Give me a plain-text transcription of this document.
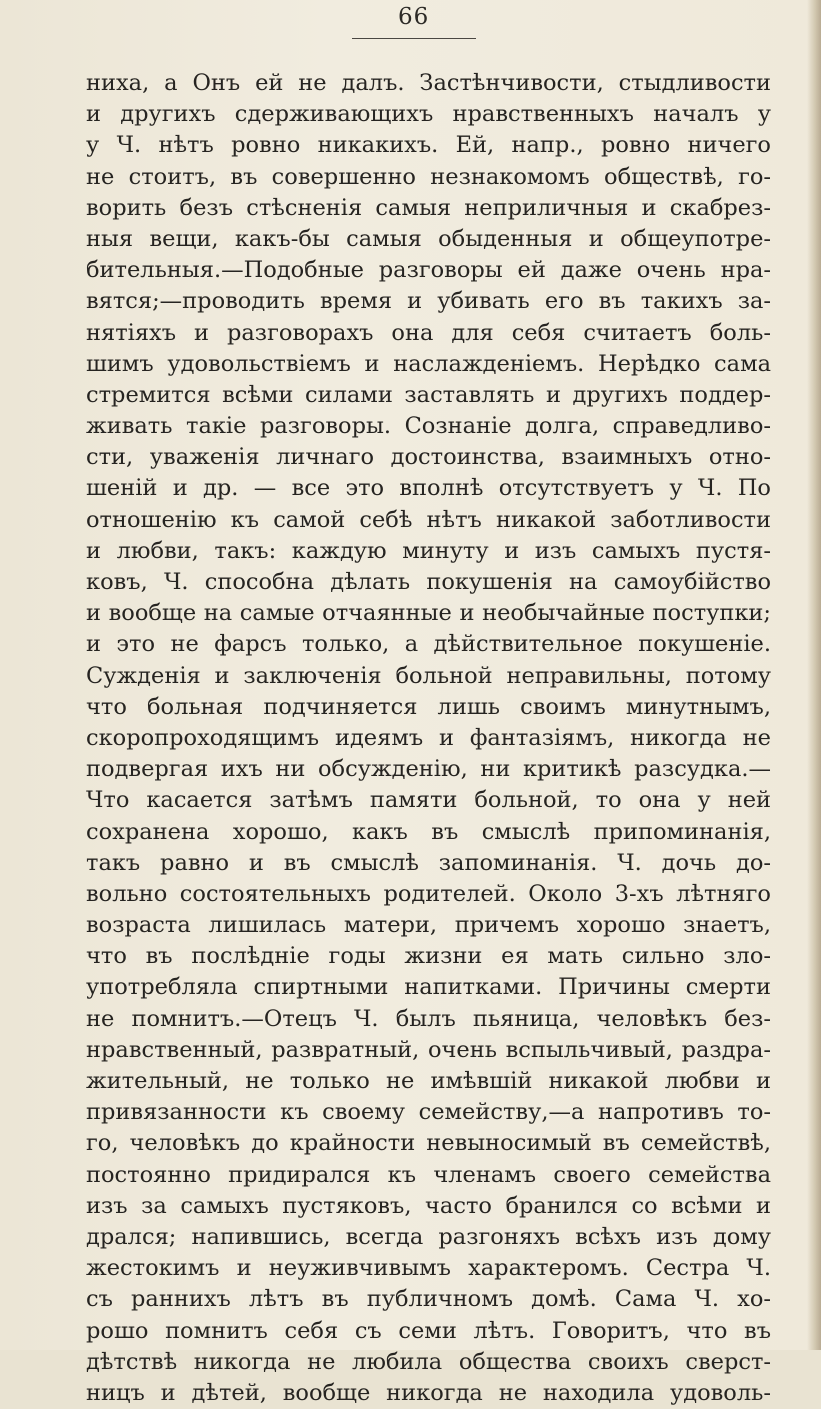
66
ниха, а Онъ ей не далъ. Застѣнчивости, стыдливости
и другихъ сдерживающихъ нравственныхъ началъ у
у Ч. нѣтъ ровно никакихъ. Ей, напр., ровно ничего
не стоитъ, въ совершенно незнакомомъ обществѣ, го-
ворить безъ стѣсненія самыя неприличныя и скабрез-
ныя вещи, какъ-бы самыя обыденныя и общеупотре-
бительныя.—Подобные разговоры ей даже очень нра-
вятся;—проводить время и убивать его въ такихъ за-
нятіяхъ и разговорахъ она для себя считаетъ боль-
шимъ удовольствіемъ и наслажденіемъ. Нерѣдко сама
стремится всѣми силами заставлять и другихъ поддер-
живать такіе разговоры. Сознаніе долга, справедливо-
сти, уваженія личнаго достоинства, взаимныхъ отно-
шеній и др. — все это вполнѣ отсутствуетъ у Ч. По
отношенію къ самой себѣ нѣтъ никакой заботливости
и любви, такъ: каждую минуту и изъ самыхъ пустя-
ковъ, Ч. способна дѣлать покушенія на самоубійство
и вообще на самые отчаянные и необычайные поступки;
и это не фарсъ только, а дѣйствительное покушеніе.
Сужденія и заключенія больной неправильны, потому
что больная подчиняется лишь своимъ минутнымъ,
скоропроходящимъ идеямъ и фантазіямъ, никогда не
подвергая ихъ ни обсужденію, ни критикѣ разсудка.—
Что касается затѣмъ памяти больной, то она у ней
сохранена хорошо, какъ въ смыслѣ припоминанія,
такъ равно и въ смыслѣ запоминанія. Ч. дочь до-
вольно состоятельныхъ родителей. Около 3-хъ лѣтняго
возраста лишилась матери, причемъ хорошо знаетъ,
что въ послѣдніе годы жизни ея мать сильно зло-
употребляла спиртными напитками. Причины смерти
не помнитъ.—Отецъ Ч. былъ пьяница, человѣкъ без-
нравственный, развратный, очень вспыльчивый, раздра-
жительный, не только не имѣвшій никакой любви и
привязанности къ своему семейству,—а напротивъ то-
го, человѣкъ до крайности невыносимый въ семействѣ,
постоянно придирался къ членамъ своего семейства
изъ за самыхъ пустяковъ, часто бранился со всѣми и
дрался; напившись, всегда разгоняхъ всѣхъ изъ дому
жестокимъ и неуживчивымъ характеромъ. Сестра Ч.
съ раннихъ лѣтъ въ публичномъ домѣ. Сама Ч. хо-
рошо помнитъ себя съ семи лѣтъ. Говоритъ, что въ
дѣтствѣ никогда не любила общества своихъ сверст-
ницъ и дѣтей, вообще никогда не находила удоволь-
